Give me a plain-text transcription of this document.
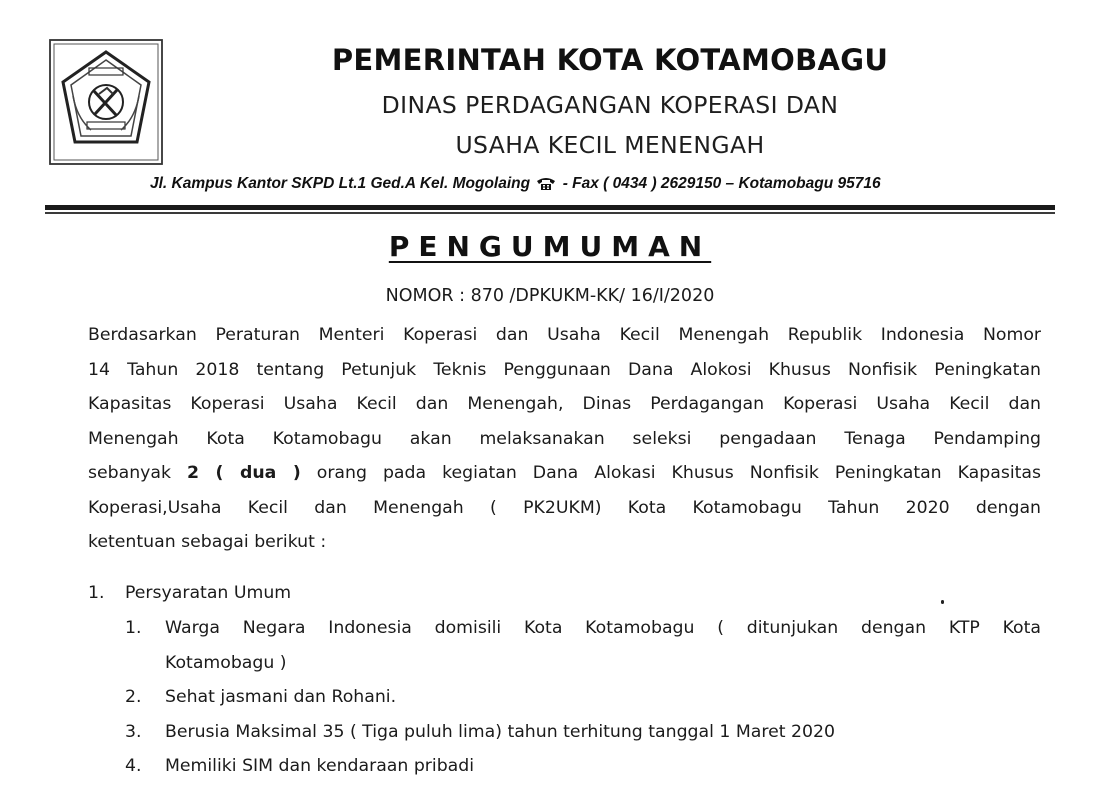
PEMERINTAH KOTA KOTAMOBAGU
DINAS PERDAGANGAN KOPERASI DAN
USAHA KECIL MENENGAH
Jl. Kampus Kantor SKPD Lt.1 Ged.A Kel. Mogolaing - Fax ( 0434 ) 2629150 – Kotamobagu 95716
PENGUMUMAN
NOMOR : 870 /DPKUKM-KK/ 16/I/2020
Berdasarkan Peraturan Menteri Koperasi dan Usaha Kecil Menengah Republik Indonesia Nomor
14 Tahun 2018 tentang Petunjuk Teknis Penggunaan Dana Alokosi Khusus Nonfisik Peningkatan
Kapasitas Koperasi Usaha Kecil dan Menengah, Dinas Perdagangan Koperasi Usaha Kecil dan
Menengah Kota Kotamobagu akan melaksanakan seleksi pengadaan Tenaga Pendamping
sebanyak 2 ( dua ) orang pada kegiatan Dana Alokasi Khusus Nonfisik Peningkatan Kapasitas
Koperasi,Usaha Kecil dan Menengah ( PK2UKM) Kota Kotamobagu Tahun 2020 dengan
ketentuan sebagai berikut :
1. Persyaratan Umum
1.	Warga Negara Indonesia domisili Kota Kotamobagu ( ditunjukan dengan KTP Kota
Kotamobagu )
2.	Sehat jasmani dan Rohani.
3.	Berusia Maksimal 35 ( Tiga puluh lima) tahun terhitung tanggal 1 Maret 2020
4.	Memiliki SIM dan kendaraan pribadi
